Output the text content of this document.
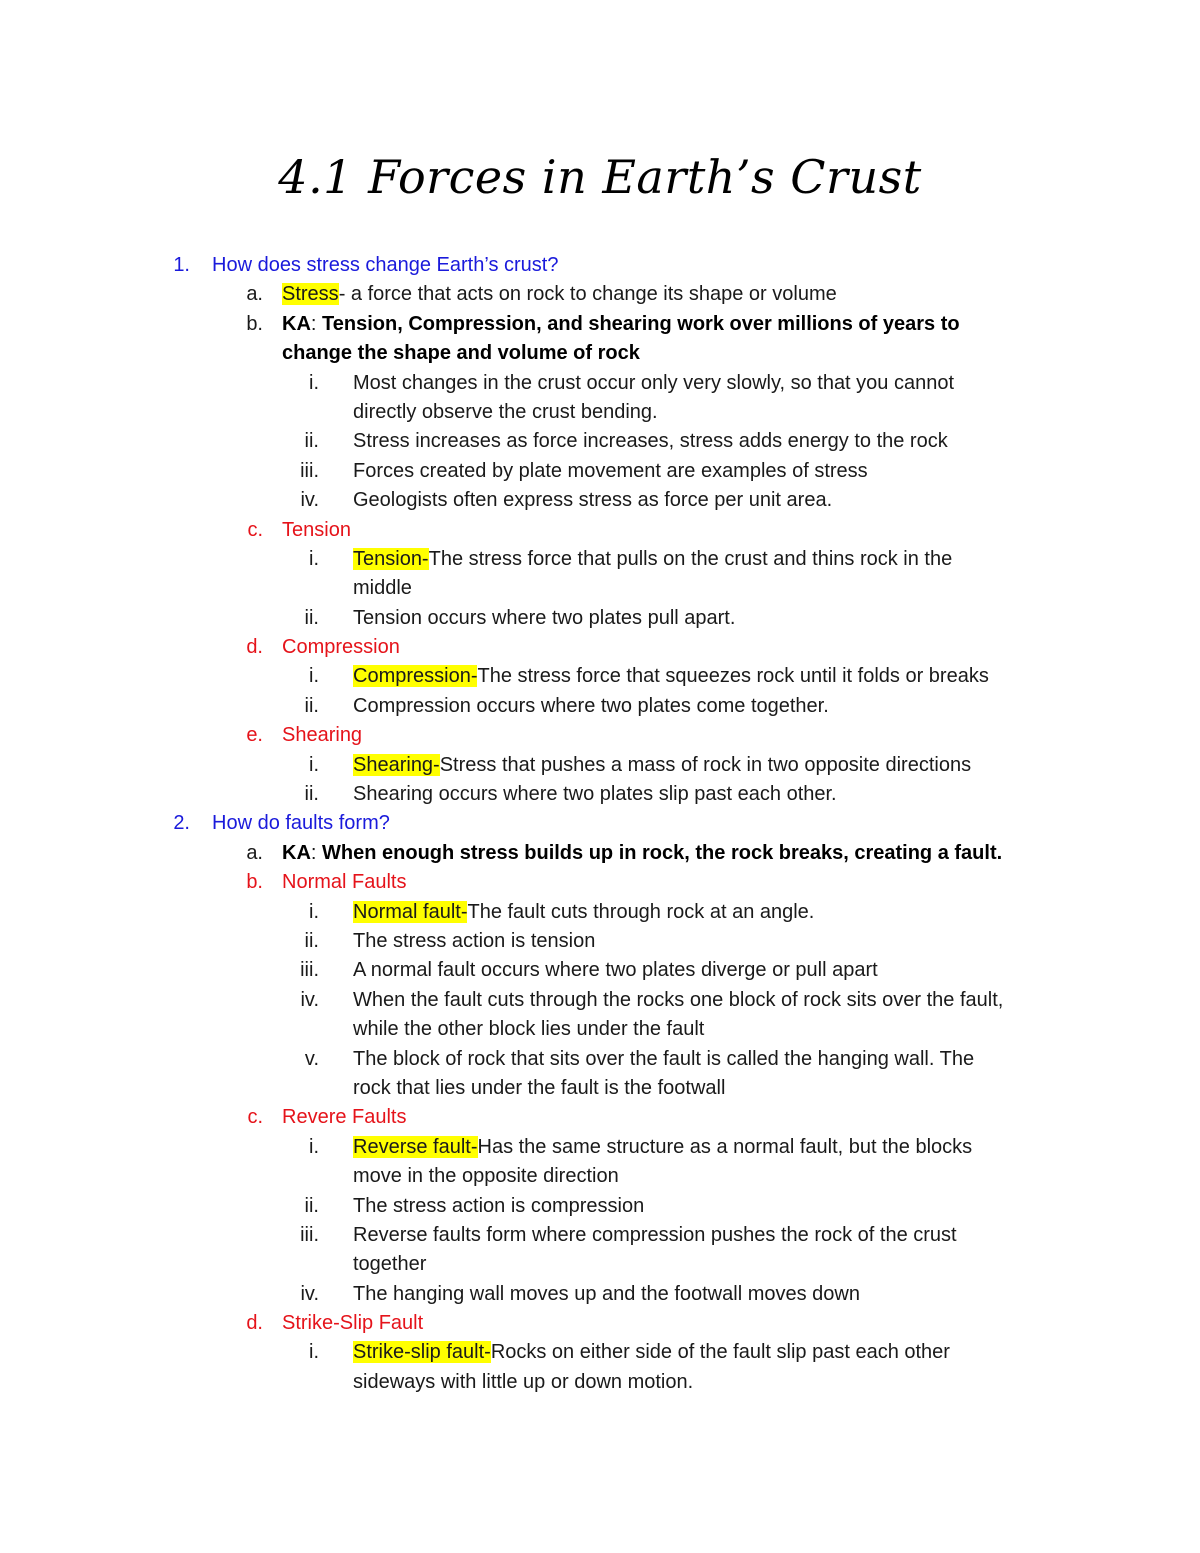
4.1 Forces in Earth’s Crust
1. How does stress change Earth’s crust?
a. Stress- a force that acts on rock to change its shape or volume
b. KA: Tension, Compression, and shearing work over millions of years to
change the shape and volume of rock
i. Most changes in the crust occur only very slowly, so that you cannot
directly observe the crust bending.
ii. Stress increases as force increases, stress adds energy to the rock
iii. Forces created by plate movement are examples of stress
iv. Geologists often express stress as force per unit area.
c. Tension
i. Tension-The stress force that pulls on the crust and thins rock in the
middle
ii. Tension occurs where two plates pull apart.
d. Compression
i. Compression-The stress force that squeezes rock until it folds or breaks
ii. Compression occurs where two plates come together.
e. Shearing
i. Shearing-Stress that pushes a mass of rock in two opposite directions
ii. Shearing occurs where two plates slip past each other.
2. How do faults form?
a. KA: When enough stress builds up in rock, the rock breaks, creating a fault.
b. Normal Faults
i. Normal fault-The fault cuts through rock at an angle.
ii. The stress action is tension
iii. A normal fault occurs where two plates diverge or pull apart
iv. When the fault cuts through the rocks one block of rock sits over the fault,
while the other block lies under the fault
v. The block of rock that sits over the fault is called the hanging wall. The
rock that lies under the fault is the footwall
c. Revere Faults
i. Reverse fault-Has the same structure as a normal fault, but the blocks
move in the opposite direction
ii. The stress action is compression
iii. Reverse faults form where compression pushes the rock of the crust
together
iv. The hanging wall moves up and the footwall moves down
d. Strike-Slip Fault
i. Strike-slip fault-Rocks on either side of the fault slip past each other
sideways with little up or down motion.
